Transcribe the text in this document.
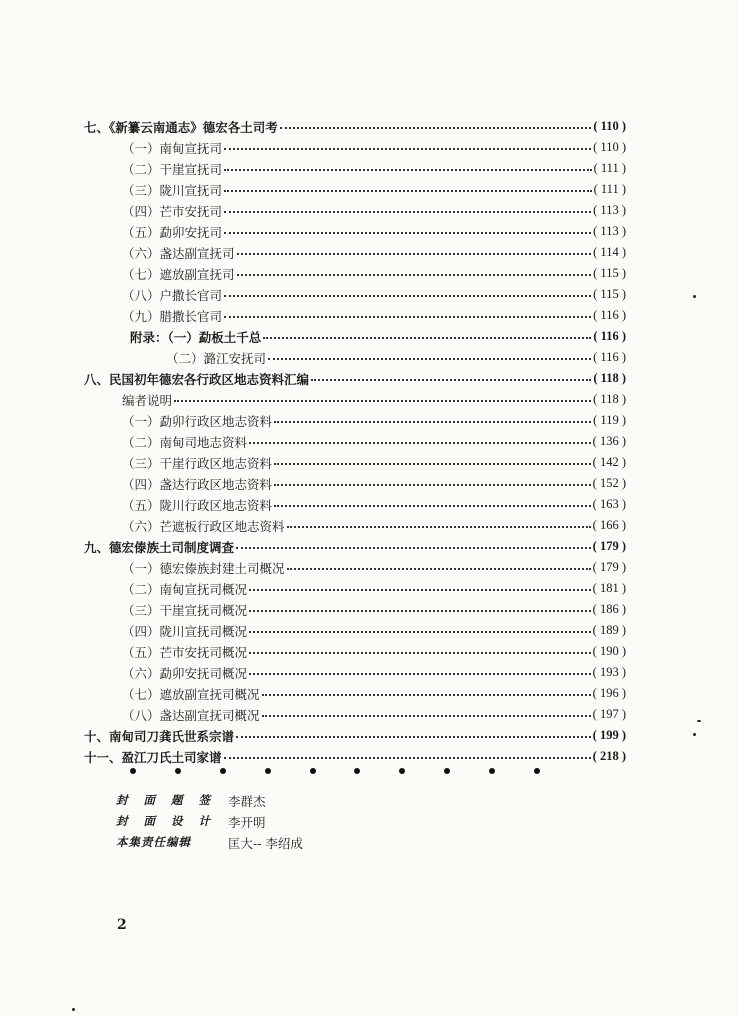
七、《新纂云南通志》德宏各土司考	( 110 )
（一）南甸宣抚司	( 110 )
（二）干崖宣抚司	( 111 )
（三）陇川宣抚司	( 111 )
（四）芒市安抚司	( 113 )
（五）勐卯安抚司	( 113 )
（六）盏达副宣抚司	( 114 )
（七）遮放副宣抚司	( 115 )
（八）户撒长官司	( 115 )
（九）腊撒长官司	( 116 )
附录：（一）勐板土千总	( 116 )
（二）潞江安抚司	( 116 )
八、民国初年德宏各行政区地志资料汇编	( 118 )
编者说明	( 118 )
（一）勐卯行政区地志资料	( 119 )
（二）南甸司地志资料	( 136 )
（三）干崖行政区地志资料	( 142 )
（四）盏达行政区地志资料	( 152 )
（五）陇川行政区地志资料	( 163 )
（六）芒遮板行政区地志资料	( 166 )
九、德宏傣族土司制度调查	( 179 )
（一）德宏傣族封建土司概况	( 179 )
（二）南甸宣抚司概况	( 181 )
（三）干崖宣抚司概况	( 186 )
（四）陇川宣抚司概况	( 189 )
（五）芒市安抚司概况	( 190 )
（六）勐卯安抚司概况	( 193 )
（七）遮放副宣抚司概况	( 196 )
（八）盏达副宣抚司概况	( 197 )
十、南甸司刀龚氏世系宗谱	( 199 )
十一、盈江刀氏土司家谱	( 218 )
封 面 题 签 李群杰
封 面 设 计 李开明
本集责任编辑	匡大-- 李绍成
2
